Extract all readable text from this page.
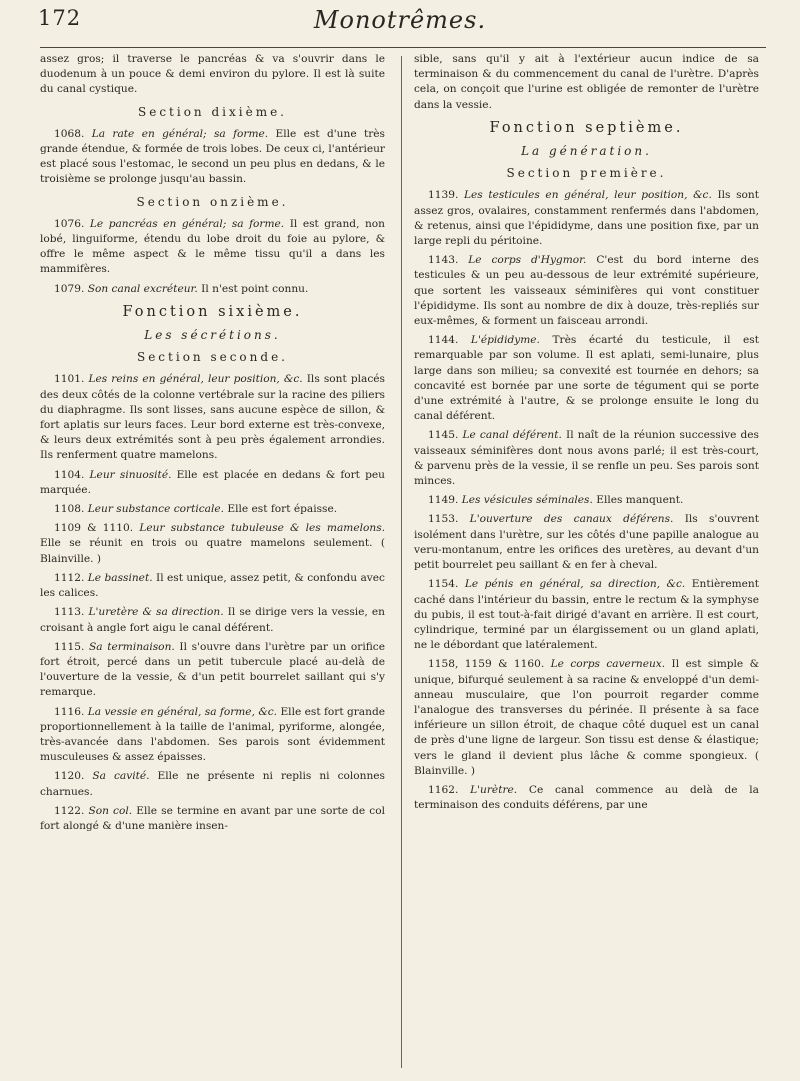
172	Monotrêmes.

assez gros; il traverse le pancréas & va s'ouvrir dans le duodenum à un pouce & demi environ du pylore. Il est là suite du canal cystique.

Section dixième.

1068. La rate en général; sa forme. Elle est d'une très grande étendue, & formée de trois lobes. De ceux ci, l'antérieur est placé sous l'estomac, le second un peu plus en dedans, & le troisième se prolonge jusqu'au bassin.

Section onzième.

1076. Le pancréas en général; sa forme. Il est grand, non lobé, linguiforme, étendu du lobe droit du foie au pylore, & offre le même aspect & le même tissu qu'il a dans les mammifères.

1079. Son canal excréteur. Il n'est point connu.

Fonction sixième.
Les sécrétions.
Section seconde.

1101. Les reins en général, leur position, &c. Ils sont placés des deux côtés de la colonne vertébrale sur la racine des piliers du diaphragme. Ils sont lisses, sans aucune espèce de sillon, & fort aplatis sur leurs faces. Leur bord externe est très-convexe, & leurs deux extrémités sont à peu près également arrondies. Ils renferment quatre mamelons.

1104. Leur sinuosité. Elle est placée en dedans & fort peu marquée.

1108. Leur substance corticale. Elle est fort épaisse.

1109 & 1110. Leur substance tubuleuse & les mamelons. Elle se réunit en trois ou quatre mamelons seulement. ( Blainville. )

1112. Le bassinet. Il est unique, assez petit, & confondu avec les calices.

1113. L'uretère & sa direction. Il se dirige vers la vessie, en croisant à angle fort aigu le canal déférent.

1115. Sa terminaison. Il s'ouvre dans l'urètre par un orifice fort étroit, percé dans un petit tubercule placé au-delà de l'ouverture de la vessie, & d'un petit bourrelet saillant qui s'y remarque.

1116. La vessie en général, sa forme, &c. Elle est fort grande proportionnellement à la taille de l'animal, pyriforme, alongée, très-avancée dans l'abdomen. Ses parois sont évidemment musculeuses & assez épaisses.

1120. Sa cavité. Elle ne présente ni replis ni colonnes charnues.

1122. Son col. Elle se termine en avant par une sorte de col fort alongé & d'une manière insen-

sible, sans qu'il y ait à l'extérieur aucun indice de sa terminaison & du commencement du canal de l'urètre. D'après cela, on conçoit que l'urine est obligée de remonter de l'urètre dans la vessie.

Fonction septième.
La génération.
Section première.

1139. Les testicules en général, leur position, &c. Ils sont assez gros, ovalaires, constamment renfermés dans l'abdomen, & retenus, ainsi que l'épididyme, dans une position fixe, par un large repli du péritoine.

1143. Le corps d'Hygmor. C'est du bord interne des testicules & un peu au-dessous de leur extrémité supérieure, que sortent les vaisseaux séminifères qui vont constituer l'épididyme. Ils sont au nombre de dix à douze, très-repliés sur eux-mêmes, & forment un faisceau arrondi.

1144. L'épididyme. Très écarté du testicule, il est remarquable par son volume. Il est aplati, semi-lunaire, plus large dans son milieu; sa convexité est tournée en dehors; sa concavité est bornée par une sorte de tégument qui se porte d'une extrémité à l'autre, & se prolonge ensuite le long du canal déférent.

1145. Le canal déférent. Il naît de la réunion successive des vaisseaux séminifères dont nous avons parlé; il est très-court, & parvenu près de la vessie, il se renfle un peu. Ses parois sont minces.

1149. Les vésicules séminales. Elles manquent.

1153. L'ouverture des canaux déférens. Ils s'ouvrent isolément dans l'urètre, sur les côtés d'une papille analogue au veru-montanum, entre les orifices des uretères, au devant d'un petit bourrelet peu saillant & en fer à cheval.

1154. Le pénis en général, sa direction, &c. Entièrement caché dans l'intérieur du bassin, entre le rectum & la symphyse du pubis, il est tout-à-fait dirigé d'avant en arrière. Il est court, cylindrique, terminé par un élargissement ou un gland aplati, ne le débordant que latéralement.

1158, 1159 & 1160. Le corps caverneux. Il est simple & unique, bifurqué seulement à sa racine & enveloppé d'un demi-anneau musculaire, que l'on pourroit regarder comme l'analogue des transverses du périnée. Il présente à sa face inférieure un sillon étroit, de chaque côté duquel est un canal de près d'une ligne de largeur. Son tissu est dense & élastique; vers le gland il devient plus lâche & comme spongieux. ( Blainville. )

1162. L'urètre. Ce canal commence au delà de la terminaison des conduits déférens, par une
